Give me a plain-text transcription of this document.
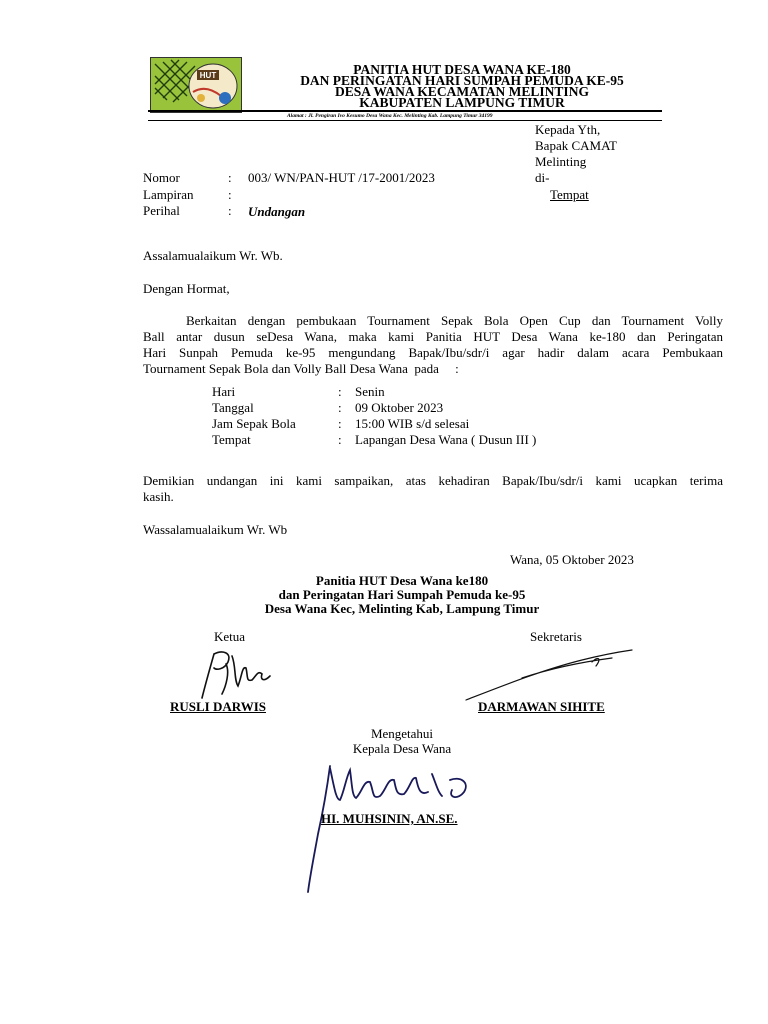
HUT	PANITIA HUT DESA WANA KE-180
DAN PERINGATAN HARI SUMPAH PEMUDA KE-95
DESA WANA KECAMATAN MELINTING
KABUPATEN LAMPUNG TIMUR
Alamat : Jl. Pengiran Ivo Kesumo Desa Wana Kec. Melinting Kab. Lampung Timur 34199
Kepada Yth,
Bapak CAMAT
Melinting
di-
Tempat
Nomor	: 003/ WN/PAN-HUT /17-2001/2023
Lampiran	:
Perihal	: Undangan
Assalamualaikum Wr. Wb.
Dengan Hormat,
Berkaitan dengan pembukaan Tournament Sepak Bola Open Cup dan Tournament Volly
Ball antar dusun seDesa Wana, maka kami Panitia HUT Desa Wana ke-180 dan Peringatan
Hari Sunpah Pemuda ke-95 mengundang Bapak/Ibu/sdr/i agar hadir dalam acara Pembukaan
Tournament Sepak Bola dan Volly Ball Desa Wana  pada     :
Hari	: Senin
Tanggal	: 09 Oktober 2023
Jam Sepak Bola	: 15:00 WIB s/d selesai
Tempat	: Lapangan Desa Wana ( Dusun III )
Demikian undangan ini kami sampaikan, atas kehadiran Bapak/Ibu/sdr/i kami ucapkan terima
kasih.
Wassalamualaikum Wr. Wb
Wana, 05 Oktober 2023
Panitia HUT Desa Wana ke180
dan Peringatan Hari Sumpah Pemuda ke-95
Desa Wana Kec, Melinting Kab, Lampung Timur
Ketua	Sekretaris
RUSLI DARWIS	DARMAWAN SIHITE
Mengetahui
Kepala Desa Wana
HI. MUHSININ, AN.SE.
